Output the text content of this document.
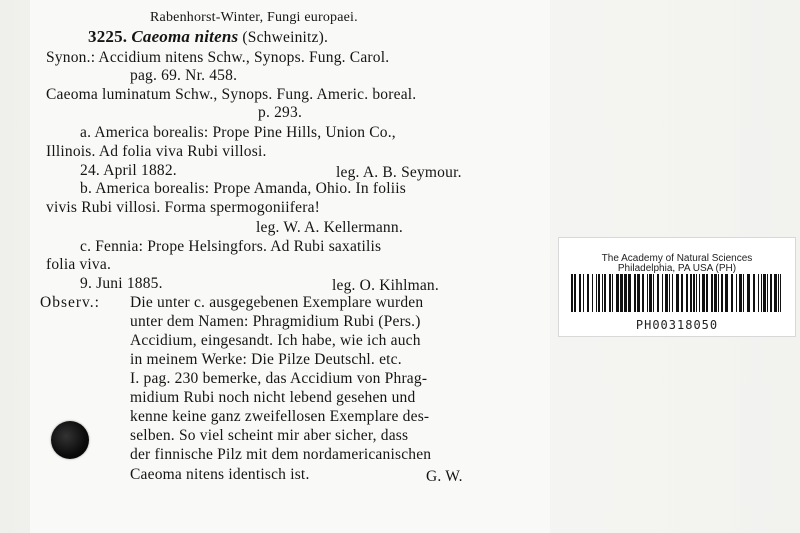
Rabenhorst-Winter, Fungi europaei.
3225. Caeoma nitens (Schweinitz).
Synon.: Accidium nitens Schw., Synops. Fung. Carol.
pag. 69. Nr. 458.
Caeoma luminatum Schw., Synops. Fung. Americ. boreal.
p. 293.
a. America borealis: Prope Pine Hills, Union Co.,
Illinois. Ad folia viva Rubi villosi.
24. April 1882.	leg. A. B. Seymour.
b. America borealis: Prope Amanda, Ohio. In foliis
vivis Rubi villosi. Forma spermogoniifera!
leg. W. A. Kellermann.
c. Fennia: Prope Helsingfors. Ad Rubi saxatilis
folia viva.
9. Juni 1885.	leg. O. Kihlman.
Observ.: Die unter c. ausgegebenen Exemplare wurden
unter dem Namen: Phragmidium Rubi (Pers.)
Accidium, eingesandt. Ich habe, wie ich auch
in meinem Werke: Die Pilze Deutschl. etc.
I. pag. 230 bemerke, das Accidium von Phrag-
midium Rubi noch nicht lebend gesehen und
kenne keine ganz zweifellosen Exemplare des-
selben. So viel scheint mir aber sicher, dass
der finnische Pilz mit dem nordamericanischen
Caeoma nitens identisch ist.	G. W.
The Academy of Natural Sciences
Philadelphia, PA USA (PH)
PH00318050
